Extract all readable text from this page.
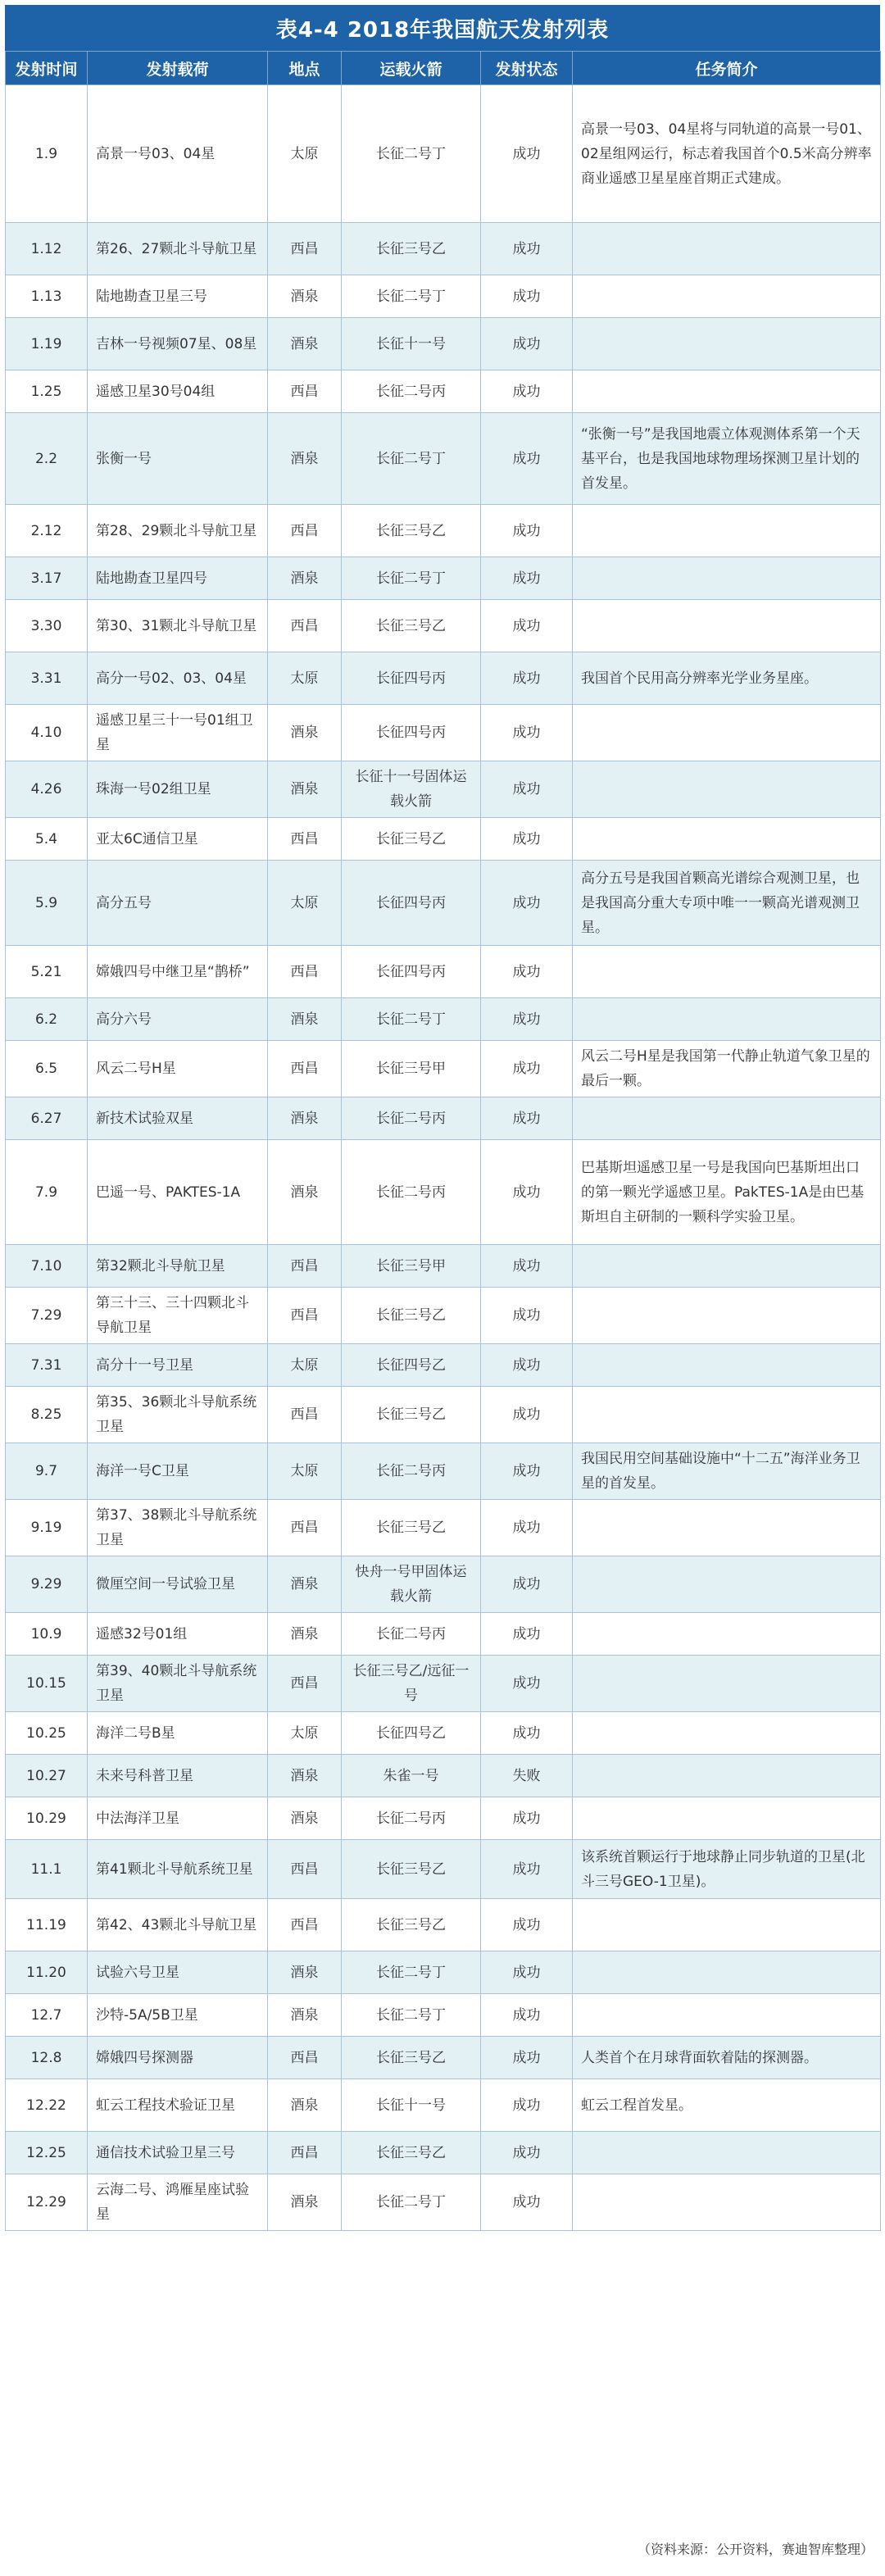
表4-4 2018年我国航天发射列表
发射时间	发射载荷	地点	运载火箭	发射状态	任务简介
1.9	高景一号03、04星	太原	长征二号丁	成功	高景一号03、04星将与同轨道的高景一号01、02星组网运行，标志着我国首个0.5米高分辨率商业遥感卫星星座首期正式建成。
1.12	第26、27颗北斗导航卫星	西昌	长征三号乙	成功	
1.13	陆地勘查卫星三号	酒泉	长征二号丁	成功	
1.19	吉林一号视频07星、08星	酒泉	长征十一号	成功	
1.25	遥感卫星30号04组	西昌	长征二号丙	成功	
2.2	张衡一号	酒泉	长征二号丁	成功	“张衡一号”是我国地震立体观测体系第一个天基平台，也是我国地球物理场探测卫星计划的首发星。
2.12	第28、29颗北斗导航卫星	西昌	长征三号乙	成功	
3.17	陆地勘查卫星四号	酒泉	长征二号丁	成功	
3.30	第30、31颗北斗导航卫星	西昌	长征三号乙	成功	
3.31	高分一号02、03、04星	太原	长征四号丙	成功	我国首个民用高分辨率光学业务星座。
4.10	遥感卫星三十一号01组卫星	酒泉	长征四号丙	成功	
4.26	珠海一号02组卫星	酒泉	长征十一号固体运载火箭	成功	
5.4	亚太6C通信卫星	西昌	长征三号乙	成功	
5.9	高分五号	太原	长征四号丙	成功	高分五号是我国首颗高光谱综合观测卫星，也是我国高分重大专项中唯一一颗高光谱观测卫星。
5.21	嫦娥四号中继卫星“鹊桥”	西昌	长征四号丙	成功	
6.2	高分六号	酒泉	长征二号丁	成功	
6.5	风云二号H星	西昌	长征三号甲	成功	风云二号H星是我国第一代静止轨道气象卫星的最后一颗。
6.27	新技术试验双星	酒泉	长征二号丙	成功	
7.9	巴遥一号、PAKTES-1A	酒泉	长征二号丙	成功	巴基斯坦遥感卫星一号是我国向巴基斯坦出口的第一颗光学遥感卫星。PakTES-1A是由巴基斯坦自主研制的一颗科学实验卫星。
7.10	第32颗北斗导航卫星	西昌	长征三号甲	成功	
7.29	第三十三、三十四颗北斗导航卫星	西昌	长征三号乙	成功	
7.31	高分十一号卫星	太原	长征四号乙	成功	
8.25	第35、36颗北斗导航系统卫星	西昌	长征三号乙	成功	
9.7	海洋一号C卫星	太原	长征二号丙	成功	我国民用空间基础设施中“十二五”海洋业务卫星的首发星。
9.19	第37、38颗北斗导航系统卫星	西昌	长征三号乙	成功	
9.29	微厘空间一号试验卫星	酒泉	快舟一号甲固体运载火箭	成功	
10.9	遥感32号01组	酒泉	长征二号丙	成功	
10.15	第39、40颗北斗导航系统卫星	西昌	长征三号乙/远征一号	成功	
10.25	海洋二号B星	太原	长征四号乙	成功	
10.27	未来号科普卫星	酒泉	朱雀一号	失败	
10.29	中法海洋卫星	酒泉	长征二号丙	成功	
11.1	第41颗北斗导航系统卫星	西昌	长征三号乙	成功	该系统首颗运行于地球静止同步轨道的卫星(北斗三号GEO-1卫星)。
11.19	第42、43颗北斗导航卫星	西昌	长征三号乙	成功	
11.20	试验六号卫星	酒泉	长征二号丁	成功	
12.7	沙特-5A/5B卫星	酒泉	长征二号丁	成功	
12.8	嫦娥四号探测器	西昌	长征三号乙	成功	人类首个在月球背面软着陆的探测器。
12.22	虹云工程技术验证卫星	酒泉	长征十一号	成功	虹云工程首发星。
12.25	通信技术试验卫星三号	西昌	长征三号乙	成功	
12.29	云海二号、鸿雁星座试验星	酒泉	长征二号丁	成功	
（资料来源：公开资料，赛迪智库整理）
